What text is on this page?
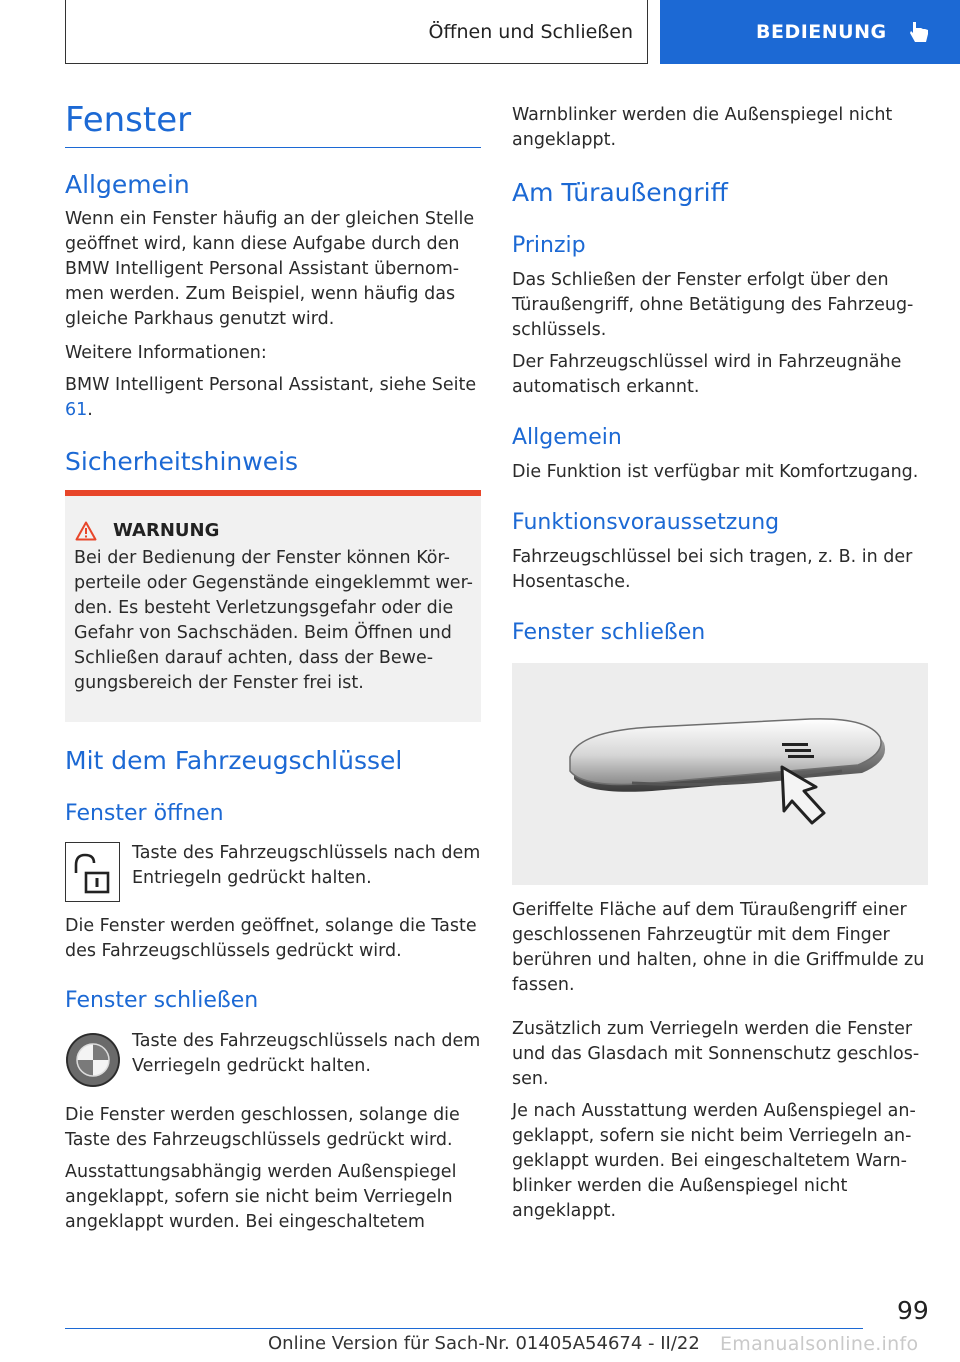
Öffnen und Schließen	BEDIENUNG
Fenster
Allgemein

Wenn ein Fenster häufig an der gleichen Stelle geöffnet wird, kann diese Aufgabe durch den BMW Intelligent Personal Assistant übernom-men werden. Zum Beispiel, wenn häufig das gleiche Parkhaus genutzt wird.

Weitere Informationen:

BMW Intelligent Personal Assistant, siehe Seite 61.

Sicherheitshinweis
WARNUNG

Bei der Bedienung der Fenster können Kör-perteile oder Gegenstände eingeklemmt wer-den. Es besteht Verletzungsgefahr oder die Gefahr von Sachschäden. Beim Öffnen und Schließen darauf achten, dass der Bewe-gungsbereich der Fenster frei ist.

Mit dem Fahrzeugschlüssel
Fenster öffnen

Taste des Fahrzeugschlüssels nach dem Entriegeln gedrückt halten.

Die Fenster werden geöffnet, solange die Taste des Fahrzeugschlüssels gedrückt wird.

Fenster schließen

Taste des Fahrzeugschlüssels nach dem Verriegeln gedrückt halten.

Die Fenster werden geschlossen, solange die Taste des Fahrzeugschlüssels gedrückt wird.

Ausstattungsabhängig werden Außenspiegel angeklappt, sofern sie nicht beim Verriegeln angeklappt wurden. Bei eingeschaltetem

Warnblinker werden die Außenspiegel nicht angeklappt.

Am Türaußengriff
Prinzip

Das Schließen der Fenster erfolgt über den Türaußengriff, ohne Betätigung des Fahrzeug-schlüssels.

Der Fahrzeugschlüssel wird in Fahrzeugnähe automatisch erkannt.

Allgemein

Die Funktion ist verfügbar mit Komfortzugang.

Funktionsvoraussetzung

Fahrzeugschlüssel bei sich tragen, z. B. in der Hosentasche.

Fenster schließen

Geriffelte Fläche auf dem Türaußengriff einer geschlossenen Fahrzeugtür mit dem Finger berühren und halten, ohne in die Griffmulde zu fassen.

Zusätzlich zum Verriegeln werden die Fenster und das Glasdach mit Sonnenschutz geschlos-sen.

Je nach Ausstattung werden Außenspiegel an-geklappt, sofern sie nicht beim Verriegeln an-geklappt wurden. Bei eingeschaltetem Warn-blinker werden die Außenspiegel nicht angeklappt.

99
Online Version für Sach-Nr. 01405A54674 - II/22 Emanualsonline.info
